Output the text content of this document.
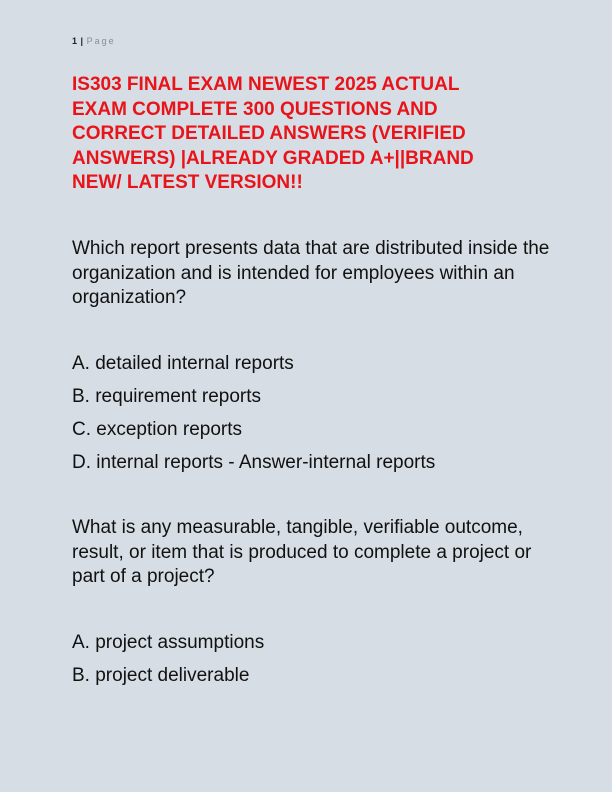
1 | Page
IS303 FINAL EXAM NEWEST 2025 ACTUAL EXAM COMPLETE 300 QUESTIONS AND CORRECT DETAILED ANSWERS (VERIFIED ANSWERS) |ALREADY GRADED A+||BRAND NEW/ LATEST VERSION!!

Which report presents data that are distributed inside the organization and is intended for employees within an organization?

A. detailed internal reports
B. requirement reports
C. exception reports
D. internal reports - Answer-internal reports

What is any measurable, tangible, verifiable outcome, result, or item that is produced to complete a project or part of a project?

A. project assumptions
B. project deliverable
